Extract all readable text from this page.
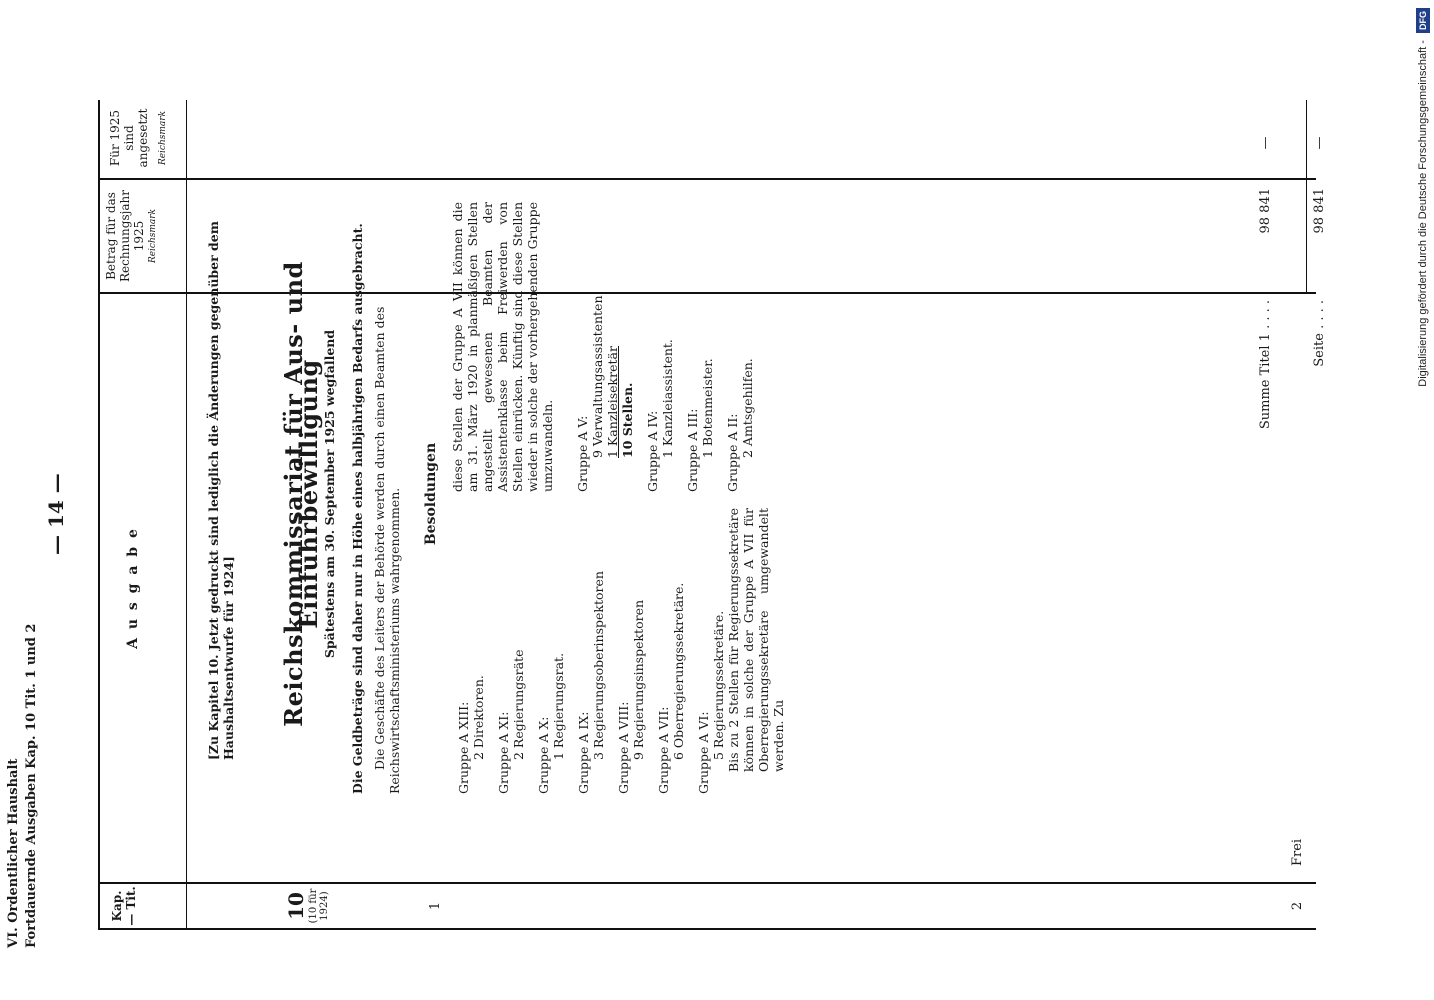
VI. Ordentlicher Haushalt Fortdauernde Ausgaben Kap. 10 Tit. 1 und 2
— 14 —
Kap. — Tit.
A u s g a b e
Betrag für das Rechnungsjahr 1925 Reichsmark
Für 1925 sind angesetzt Reichsmark
[Zu Kapitel 10. Jetzt gedruckt sind lediglich die Änderungen gegenüber dem Haushaltsentwurfe für 1924]
10 (10 für 1924)
Reichskommissariat für Aus- und Einfuhrbewilligung Spätestens am 30. September 1925 wegfallend Die Geldbeträge sind daher nur in Höhe eines halbjährigen Bedarfs ausgebracht. Die Geschäfte des Leiters der Behörde werden durch einen Beamten des Reichswirtschaftsministeriums wahrgenommen.
1
Besoldungen
Gruppe A XIII: 2 Direktoren. Gruppe A XI: 2 Regierungsräte Gruppe A X: 1 Regierungsrat. Gruppe A IX: 3 Regierungsoberinspektoren Gruppe A VIII: 9 Regierungsinspektoren Gruppe A VII: 6 Oberregierungssekretäre. Gruppe A VI: 5 Regierungssekretäre. Bis zu 2 Stellen für Regierungssekretäre können in solche der Gruppe A VII für Oberregierungssekretäre umgewandelt werden. Zu
diese Stellen der Gruppe A VII können die am 31. März 1920 in planmäßigen Stellen angestellt gewesenen Beamten der Assistentenklasse beim Freiwerden von Stellen einrücken. Künftig sind diese Stellen wieder in solche der vorhergehenden Gruppe umzuwandeln. Gruppe A V: 9 Verwaltungsassistenten 1 Kanzleisekretär 10 Stellen. Gruppe A IV: 1 Kanzleiassistent. Gruppe A III: 1 Botenmeister. Gruppe A II: 2 Amtsgehilfen.	Summe Titel 1 . . . .
98 841
—
2
Frei
Seite . . . .
98 841
—	Digitalisierung gefördert durch die Deutsche Forschungsgemeinschaft - DFG
